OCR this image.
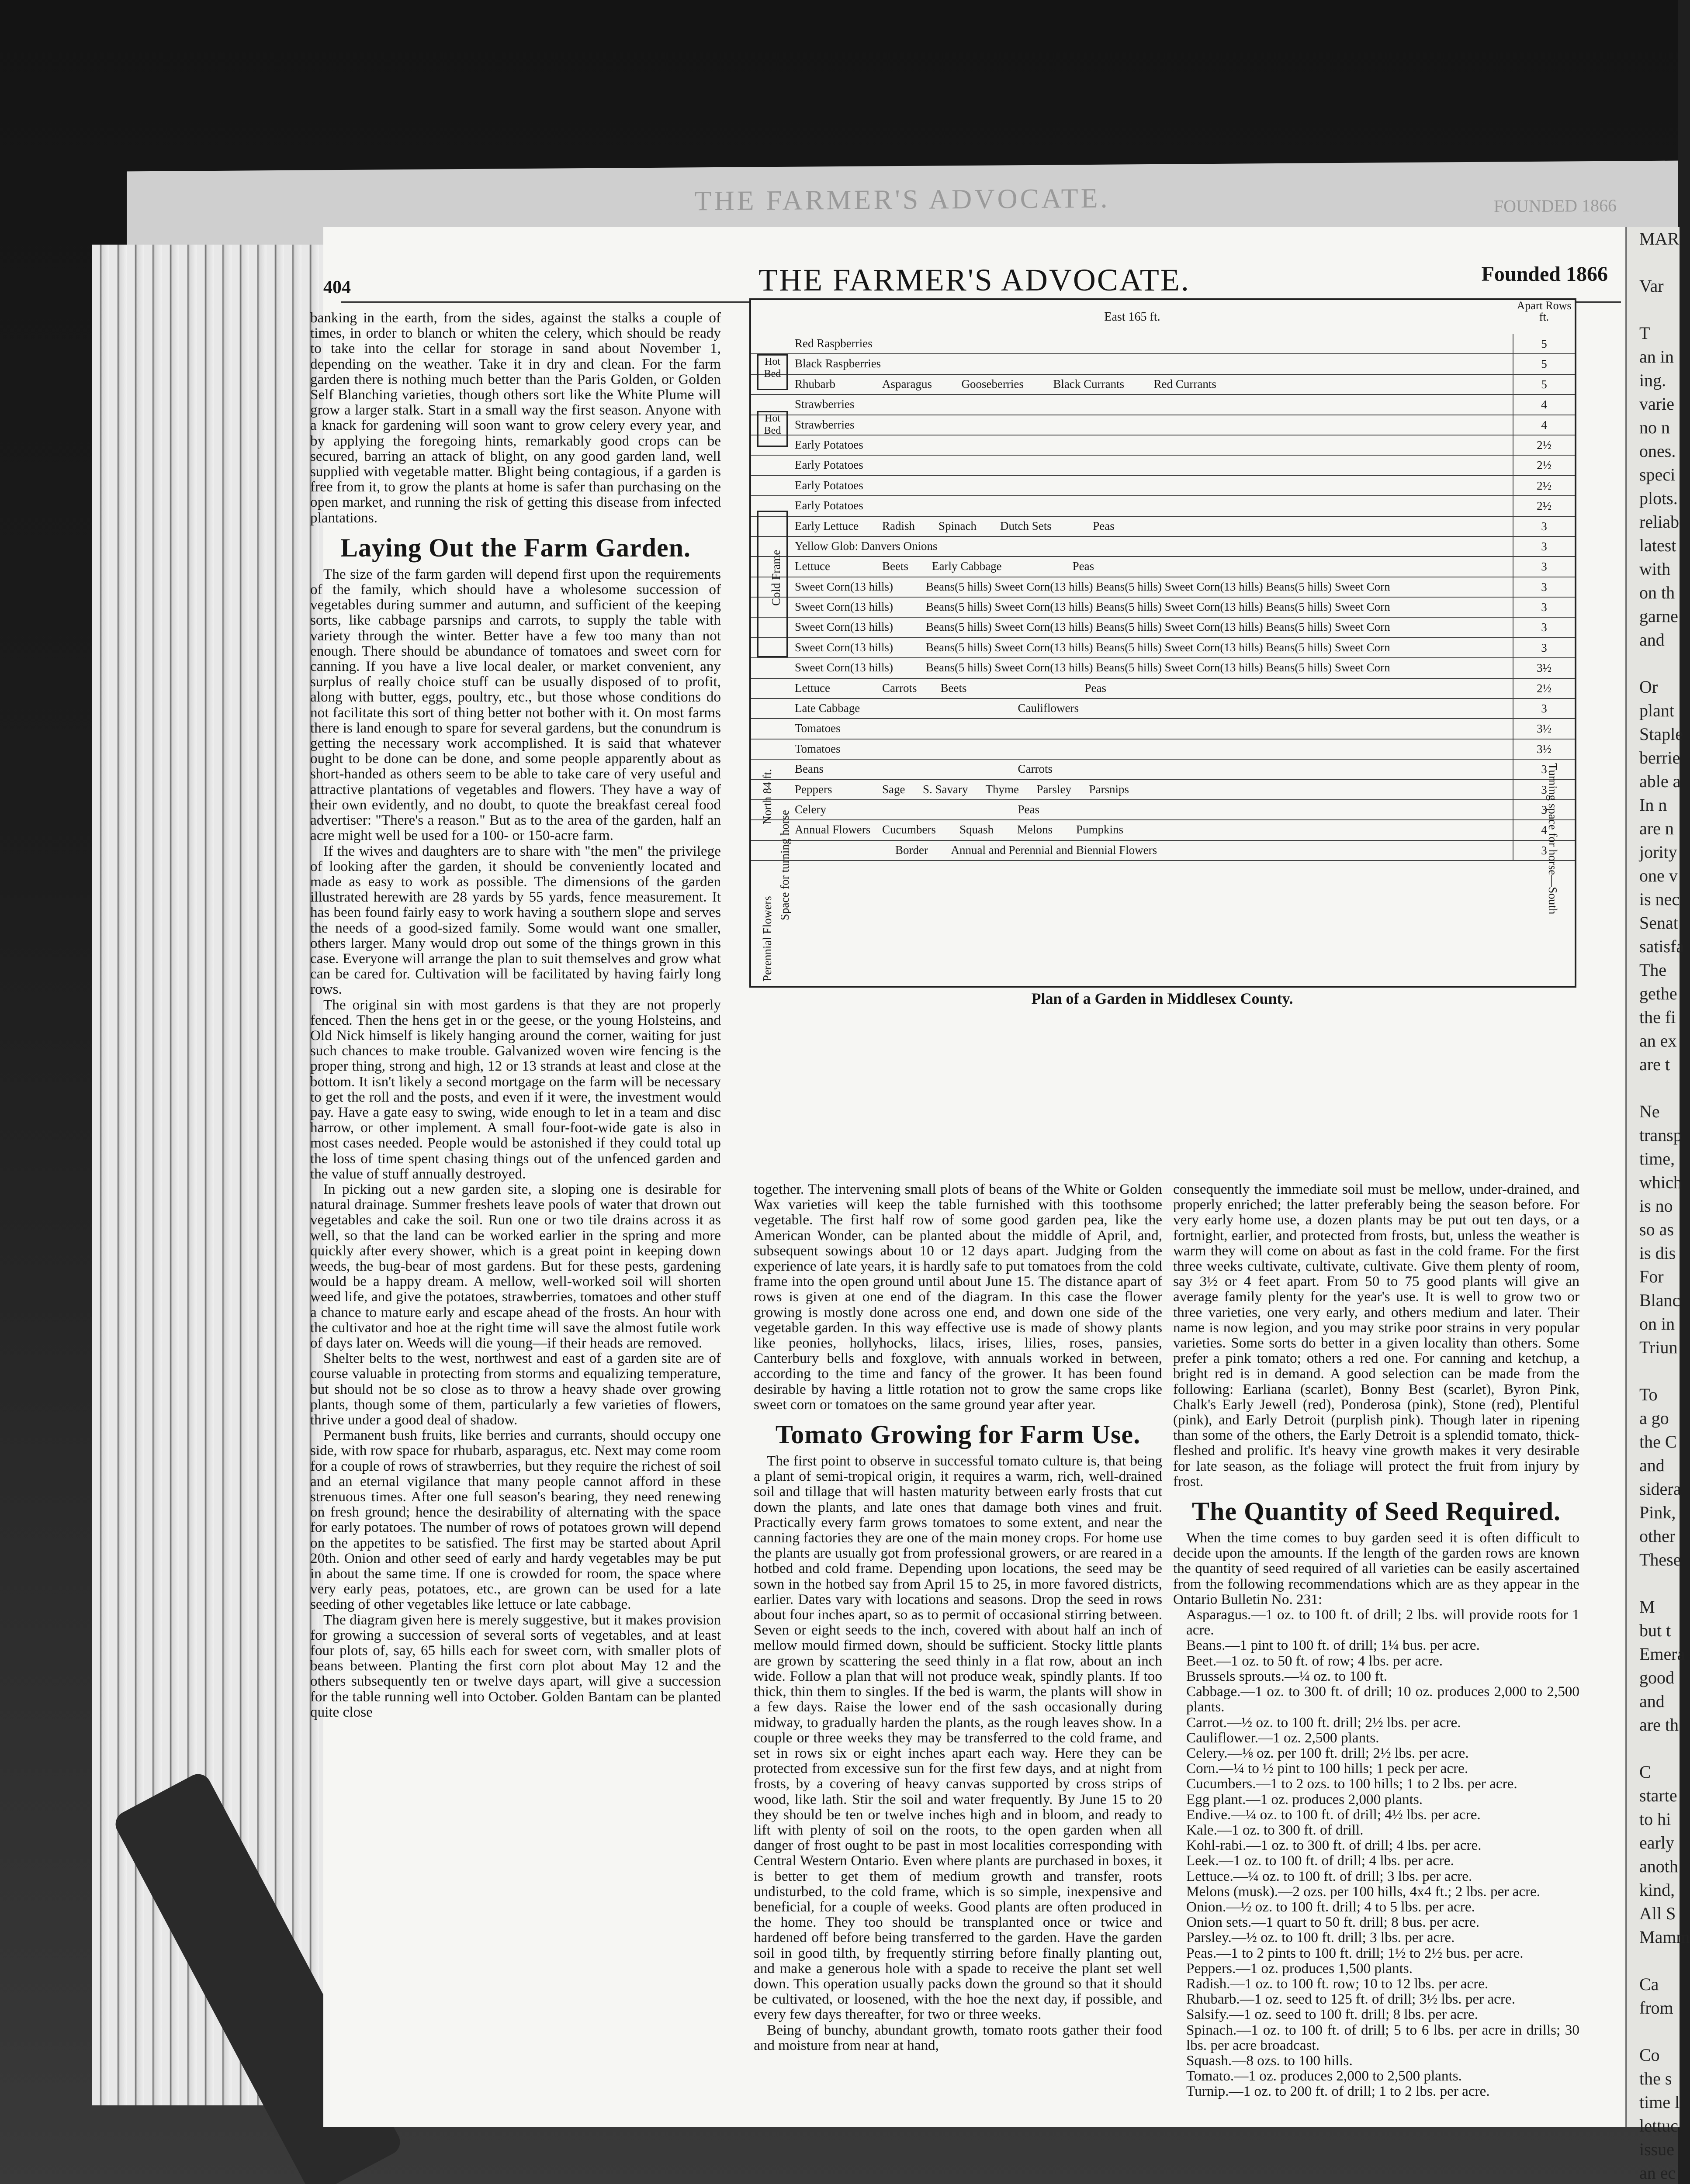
THE FARMER'S ADVOCATE.	FOUNDED 1866
404	THE FARMER'S ADVOCATE.	Founded 1866

banking in the earth, from the sides, against the stalks a couple of times, in order to blanch or whiten the celery, which should be ready to take into the cellar for storage in sand about November 1, depending on the weather. Take it in dry and clean. For the farm garden there is nothing much better than the Paris Golden, or Golden Self Blanching varieties, though others sort like the White Plume will grow a larger stalk. Start in a small way the first season. Anyone with a knack for gardening will soon want to grow celery every year, and by applying the foregoing hints, remarkably good crops can be secured, barring an attack of blight, on any good garden land, well supplied with vegetable matter. Blight being contagious, if a garden is free from it, to grow the plants at home is safer than purchasing on the open market, and running the risk of getting this disease from infected plantations.

Laying Out the Farm Garden.

The size of the farm garden will depend first upon the requirements of the family, which should have a wholesome succession of vegetables during summer and autumn, and sufficient of the keeping sorts, like cabbage parsnips and carrots, to supply the table with variety through the winter. Better have a few too many than not enough. There should be abundance of tomatoes and sweet corn for canning. If you have a live local dealer, or market convenient, any surplus of really choice stuff can be usually disposed of to profit, along with butter, eggs, poultry, etc., but those whose conditions do not facilitate this sort of thing better not bother with it. On most farms there is land enough to spare for several gardens, but the conundrum is getting the necessary work accomplished. It is said that whatever ought to be done can be done, and some people apparently about as short-handed as others seem to be able to take care of very useful and attractive plantations of vegetables and flowers. They have a way of their own evidently, and no doubt, to quote the breakfast cereal food advertiser: "There's a reason." But as to the area of the garden, half an acre might well be used for a 100- or 150-acre farm.

If the wives and daughters are to share with "the men" the privilege of looking after the garden, it should be conveniently located and made as easy to work as possible. The dimensions of the garden illustrated herewith are 28 yards by 55 yards, fence measurement. It has been found fairly easy to work having a southern slope and serves the needs of a good-sized family. Some would want one smaller, others larger. Many would drop out some of the things grown in this case. Everyone will arrange the plan to suit themselves and grow what can be cared for. Cultivation will be facilitated by having fairly long rows.

The original sin with most gardens is that they are not properly fenced. Then the hens get in or the geese, or the young Holsteins, and Old Nick himself is likely hanging around the corner, waiting for just such chances to make trouble. Galvanized woven wire fencing is the proper thing, strong and high, 12 or 13 strands at least and close at the bottom. It isn't likely a second mortgage on the farm will be necessary to get the roll and the posts, and even if it were, the investment would pay. Have a gate easy to swing, wide enough to let in a team and disc harrow, or other implement. A small four-foot-wide gate is also in most cases needed. People would be astonished if they could total up the loss of time spent chasing things out of the unfenced garden and the value of stuff annually destroyed.

In picking out a new garden site, a sloping one is desirable for natural drainage. Summer freshets leave pools of water that drown out vegetables and cake the soil. Run one or two tile drains across it as well, so that the land can be worked earlier in the spring and more quickly after every shower, which is a great point in keeping down weeds, the bug-bear of most gardens. But for these pests, gardening would be a happy dream. A mellow, well-worked soil will shorten weed life, and give the potatoes, strawberries, tomatoes and other stuff a chance to mature early and escape ahead of the frosts. An hour with the cultivator and hoe at the right time will save the almost futile work of days later on. Weeds will die young—if their heads are removed.

Shelter belts to the west, northwest and east of a garden site are of course valuable in protecting from storms and equalizing temperature, but should not be so close as to throw a heavy shade over growing plants, though some of them, particularly a few varieties of flowers, thrive under a good deal of shadow.

Permanent bush fruits, like berries and currants, should occupy one side, with row space for rhubarb, asparagus, etc. Next may come room for a couple of rows of strawberries, but they require the richest of soil and an eternal vigilance that many people cannot afford in these strenuous times. After one full season's bearing, they need renewing on fresh ground; hence the desirability of alternating with the space for early potatoes. The number of rows of potatoes grown will depend on the appetites to be satisfied. The first may be started about April 20th. Onion and other seed of early and hardy vegetables may be put in about the same time. If one is crowded for room, the space where very early peas, potatoes, etc., are grown can be used for a late seeding of other vegetables like lettuce or late cabbage.

The diagram given here is merely suggestive, but it makes provision for growing a succession of several sorts of vegetables, and at least four plots of, say, 65 hills each for sweet corn, with smaller plots of beans between. Planting the first corn plot about May 12 and the others subsequently ten or twelve days apart, will give a succession for the table running well into October. Golden Bantam can be planted quite close

East 165 ft.
Apart Rows ft.
Red Raspberries	5
Black Raspberries	5
Rhubarb	Asparagus          Gooseberries          Black Currants          Red Currants	5
Strawberries	4
Strawberries	4
Early Potatoes	2½
Early Potatoes	2½
Early Potatoes	2½
Early Potatoes	2½
Early Lettuce Radish        Spinach        Dutch Sets              Peas	3
Yellow Glob: Danvers Onions	3
Lettuce	Beets        Early Cabbage                        Peas	3
Sweet Corn(13 hills)	Beans(5 hills) Sweet Corn(13 hills) Beans(5 hills) Sweet Corn(13 hills) Beans(5 hills) Sweet Corn	3
Sweet Corn(13 hills)	Beans(5 hills) Sweet Corn(13 hills) Beans(5 hills) Sweet Corn(13 hills) Beans(5 hills) Sweet Corn	3
Sweet Corn(13 hills)	Beans(5 hills) Sweet Corn(13 hills) Beans(5 hills) Sweet Corn(13 hills) Beans(5 hills) Sweet Corn	3
Sweet Corn(13 hills)	Beans(5 hills) Sweet Corn(13 hills) Beans(5 hills) Sweet Corn(13 hills) Beans(5 hills) Sweet Corn	3
Sweet Corn(13 hills)	Beans(5 hills) Sweet Corn(13 hills) Beans(5 hills) Sweet Corn(13 hills) Beans(5 hills) Sweet Corn	3½
Lettuce	Carrots        Beets                                        Peas	2½
Late Cabbage Cauliflowers	3
Tomatoes	3½
Tomatoes	3½
Beans	Carrots	3
Peppers	Sage      S. Savary      Thyme      Parsley      Parsnips	3
Celery	Peas	3
Annual Flowers Cucumbers        Squash        Melons        Pumpkins	4
Border        Annual and Perennial and Biennial Flowers	3
Hot Bed
Hot Bed
Cold Frame
North 84 ft.
Perennial Flowers
Space for turning horse	Turning space for horse—South
Plan of a Garden in Middlesex County.

together. The intervening small plots of beans of the White or Golden Wax varieties will keep the table furnished with this toothsome vegetable. The first half row of some good garden pea, like the American Wonder, can be planted about the middle of April, and, subsequent sowings about 10 or 12 days apart. Judging from the experience of late years, it is hardly safe to put tomatoes from the cold frame into the open ground until about June 15. The distance apart of rows is given at one end of the diagram. In this case the flower growing is mostly done across one end, and down one side of the vegetable garden. In this way effective use is made of showy plants like peonies, hollyhocks, lilacs, irises, lilies, roses, pansies, Canterbury bells and foxglove, with annuals worked in between, according to the time and fancy of the grower. It has been found desirable by having a little rotation not to grow the same crops like sweet corn or tomatoes on the same ground year after year.

Tomato Growing for Farm Use.

The first point to observe in successful tomato culture is, that being a plant of semi-tropical origin, it requires a warm, rich, well-drained soil and tillage that will hasten maturity between early frosts that cut down the plants, and late ones that damage both vines and fruit. Practically every farm grows tomatoes to some extent, and near the canning factories they are one of the main money crops. For home use the plants are usually got from professional growers, or are reared in a hotbed and cold frame. Depending upon locations, the seed may be sown in the hotbed say from April 15 to 25, in more favored districts, earlier. Dates vary with locations and seasons. Drop the seed in rows about four inches apart, so as to permit of occasional stirring between. Seven or eight seeds to the inch, covered with about half an inch of mellow mould firmed down, should be sufficient. Stocky little plants are grown by scattering the seed thinly in a flat row, about an inch wide. Follow a plan that will not produce weak, spindly plants. If too thick, thin them to singles. If the bed is warm, the plants will show in a few days. Raise the lower end of the sash occasionally during midway, to gradually harden the plants, as the rough leaves show. In a couple or three weeks they may be transferred to the cold frame, and set in rows six or eight inches apart each way. Here they can be protected from excessive sun for the first few days, and at night from frosts, by a covering of heavy canvas supported by cross strips of wood, like lath. Stir the soil and water frequently. By June 15 to 20 they should be ten or twelve inches high and in bloom, and ready to lift with plenty of soil on the roots, to the open garden when all danger of frost ought to be past in most localities corresponding with Central Western Ontario. Even where plants are purchased in boxes, it is better to get them of medium growth and transfer, roots undisturbed, to the cold frame, which is so simple, inexpensive and beneficial, for a couple of weeks. Good plants are often produced in the home. They too should be transplanted once or twice and hardened off before being transferred to the garden. Have the garden soil in good tilth, by frequently stirring before finally planting out, and make a generous hole with a spade to receive the plant set well down. This operation usually packs down the ground so that it should be cultivated, or loosened, with the hoe the next day, if possible, and every few days thereafter, for two or three weeks.

Being of bunchy, abundant growth, tomato roots gather their food and moisture from near at hand,

consequently the immediate soil must be mellow, under-drained, and properly enriched; the latter preferably being the season before. For very early home use, a dozen plants may be put out ten days, or a fortnight, earlier, and protected from frosts, but, unless the weather is warm they will come on about as fast in the cold frame. For the first three weeks cultivate, cultivate, cultivate. Give them plenty of room, say 3½ or 4 feet apart. From 50 to 75 good plants will give an average family plenty for the year's use. It is well to grow two or three varieties, one very early, and others medium and later. Their name is now legion, and you may strike poor strains in very popular varieties. Some sorts do better in a given locality than others. Some prefer a pink tomato; others a red one. For canning and ketchup, a bright red is in demand. A good selection can be made from the following: Earliana (scarlet), Bonny Best (scarlet), Byron Pink, Chalk's Early Jewell (red), Ponderosa (pink), Stone (red), Plentiful (pink), and Early Detroit (purplish pink). Though later in ripening than some of the others, the Early Detroit is a splendid tomato, thick-fleshed and prolific. It's heavy vine growth makes it very desirable for late season, as the foliage will protect the fruit from injury by frost.

The Quantity of Seed Required.

When the time comes to buy garden seed it is often difficult to decide upon the amounts. If the length of the garden rows are known the quantity of seed required of all varieties can be easily ascertained from the following recommendations which are as they appear in the Ontario Bulletin No. 231:

Asparagus.—1 oz. to 100 ft. of drill; 2 lbs. will provide roots for 1 acre.

Beans.—1 pint to 100 ft. of drill; 1¼ bus. per acre.

Beet.—1 oz. to 50 ft. of row; 4 lbs. per acre.

Brussels sprouts.—¼ oz. to 100 ft.

Cabbage.—1 oz. to 300 ft. of drill; 10 oz. produces 2,000 to 2,500 plants.

Carrot.—½ oz. to 100 ft. drill; 2½ lbs. per acre.

Cauliflower.—1 oz. 2,500 plants.

Celery.—⅛ oz. per 100 ft. drill; 2½ lbs. per acre.

Corn.—¼ to ½ pint to 100 hills; 1 peck per acre.

Cucumbers.—1 to 2 ozs. to 100 hills; 1 to 2 lbs. per acre.

Egg plant.—1 oz. produces 2,000 plants.

Endive.—¼ oz. to 100 ft. of drill; 4½ lbs. per acre.

Kale.—1 oz. to 300 ft. of drill.

Kohl-rabi.—1 oz. to 300 ft. of drill; 4 lbs. per acre.

Leek.—1 oz. to 100 ft. of drill; 4 lbs. per acre.

Lettuce.—¼ oz. to 100 ft. of drill; 3 lbs. per acre.

Melons (musk).—2 ozs. per 100 hills, 4x4 ft.; 2 lbs. per acre.

Onion.—½ oz. to 100 ft. drill; 4 to 5 lbs. per acre.

Onion sets.—1 quart to 50 ft. drill; 8 bus. per acre.

Parsley.—½ oz. to 100 ft. drill; 3 lbs. per acre.

Peas.—1 to 2 pints to 100 ft. drill; 1½ to 2½ bus. per acre.

Peppers.—1 oz. produces 1,500 plants.

Radish.—1 oz. to 100 ft. row; 10 to 12 lbs. per acre.

Rhubarb.—1 oz. seed to 125 ft. of drill; 3½ lbs. per acre.

Salsify.—1 oz. seed to 100 ft. drill; 8 lbs. per acre.

Spinach.—1 oz. to 100 ft. of drill; 5 to 6 lbs. per acre in drills; 30 lbs. per acre broadcast.

Squash.—8 ozs. to 100 hills.

Tomato.—1 oz. produces 2,000 to 2,500 plants.

Turnip.—1 oz. to 200 ft. of drill; 1 to 2 lbs. per acre.

MAR

Var

T
an in
ing.
varie
no n
ones.
speci
plots.
reliab
latest
with
on th
garne
and

Or
plant
Staple
berrie
able a
In n
are n
jority
one v
is nec
Senat
satisfa
The
gethe
the fi
an ex
are t

Ne
transp
time,
which
is no
so as
is dis
For
Blanc
on in
Triun

To
a go
the C
and
sidera
Pink,
other
These

M
but t
Emera
good
and
are th

C
starte
to hi
early
anoth
kind,
All S
Mamm

Ca
from

Co
the s
time l
lettuc
issue
an ec
